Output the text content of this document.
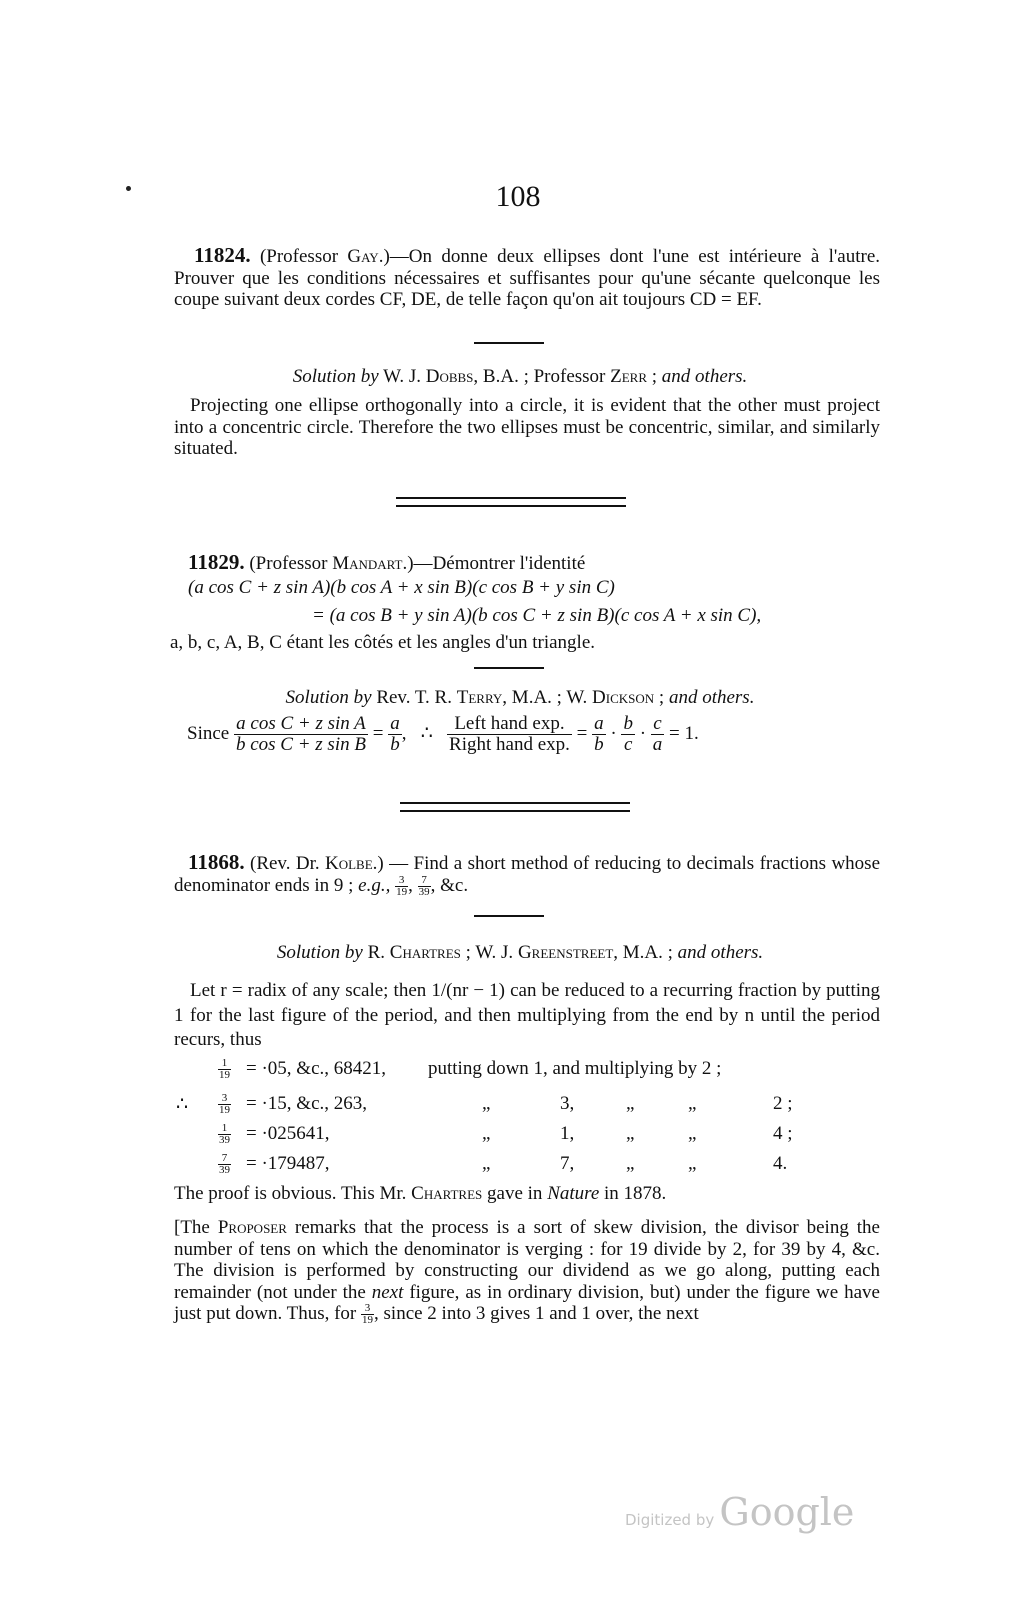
108
11824. (Professor Gay.)—On donne deux ellipses dont l'une est intérieure à l'autre. Prouver que les conditions nécessaires et suffisantes pour qu'une sécante quelconque les coupe suivant deux cordes CF, DE, de telle façon qu'on ait toujours CD = EF.
Solution by W. J. Dobbs, B.A. ; Professor Zerr ; and others.
Projecting one ellipse orthogonally into a circle, it is evident that the other must project into a concentric circle. Therefore the two ellipses must be concentric, similar, and similarly situated.
11829. (Professor Mandart.)—Démontrer l'identité
(a cos C + z sin A)(b cos A + x sin B)(c cos B + y sin C)
= (a cos B + y sin A)(b cos C + z sin B)(c cos A + x sin C),
a, b, c, A, B, C étant les côtés et les angles d'un triangle.
Solution by Rev. T. R. Terry, M.A. ; W. Dickson ; and others.
Since $\frac{\text{a cos C + z sin A}}{\text{b cos C + z sin B}} = \frac{a}{b}$ , ∴ $\frac{\text{Left hand exp.}}{\text{Right hand exp.}} = \frac{a}{b} \cdot \frac{b}{c} \cdot \frac{c}{a} = 1$.
11868. (Rev. Dr. Kolbe.) — Find a short method of reducing to decimals fractions whose denominator ends in 9 ; e.g., $\frac{3}{19}$ , $\frac{7}{39}$ , &c.
Solution by R. Chartres ; W. J. Greenstreet, M.A. ; and others.
Let r = radix of any scale; then 1/(nr − 1) can be reduced to a recurring fraction by putting 1 for the last figure of the period, and then multiplying from the end by n until the period recurs, thus
$\frac{1}{19} = \cdot 05$, &c., 68421, putting down 1, and multiplying by 2 ;
∴	$\frac{3}{19} = \cdot 15$, &c., 263,	„	3,	„	„	2 ;
$\frac{1}{39} = \cdot 025641$,	„	1,	„	„	4 ;
$\frac{7}{39} = \cdot 179487$,	„	7,	„	„	4.
The proof is obvious. This Mr. Chartres gave in Nature in 1878.
[The Proposer remarks that the process is a sort of skew division, the divisor being the number of tens on which the denominator is verging : for 19 divide by 2, for 39 by 4, &c. The division is performed by constructing our dividend as we go along, putting each remainder (not under the next figure, as in ordinary division, but) under the figure we have just put down. Thus, for $\frac{3}{19}$ , since 2 into 3 gives 1 and 1 over, the next
Digitized by Google
